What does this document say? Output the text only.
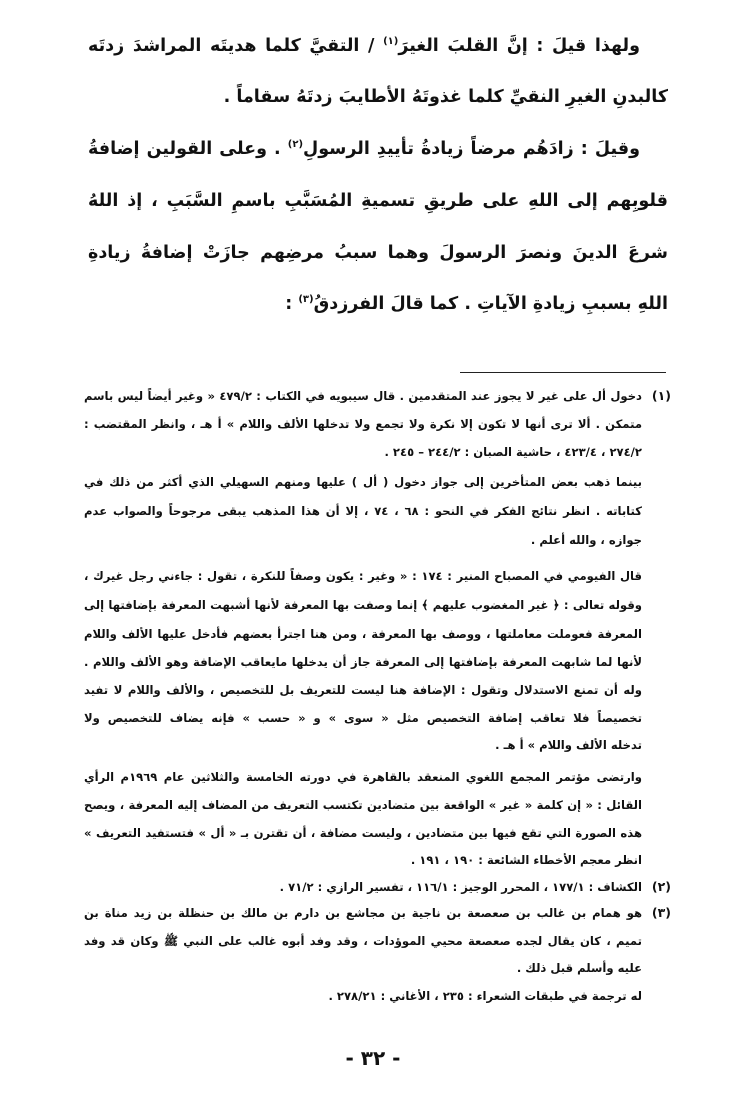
ولهذا قيلَ : إنَّ القلبَ الغيرَ$^{(١)}$ / التقيَّ كلما هديتَه المراشدَ زدتَه
كالبدنِ الغيرِ النقيِّ كلما غذوتَهُ الأطايبَ زدتَهُ سقاماً .
وقيلَ : زادَهُم مرضاً زيادةُ تأييدِ الرسولِ$^{(٢)}$ . وعلى القولين إضافةُ
قلوبِهم إلى اللهِ على طريقِ تسميةِ المُسَبَّبِ باسمِ السَّبَبِ ، إذ اللهُ
شرعَ الدينَ ونصرَ الرسولَ وهما سببُ مرضِهم جازَتْ إضافةُ زيادةِ
اللهِ بسببِ زيادةِ الآياتِ . كما قالَ الفرزدقُ$^{(٣)}$ :
(١)
دخول أل على غير لا يجوز عند المتقدمين . قال سيبويه في الكتاب : ٤٧٩/٢ « وغير أيضاً ليس باسم
متمكن . ألا ترى أنها لا تكون إلا نكرة ولا تجمع ولا تدخلها الألف واللام » أ هـ ، وانظر المقتضب :
٢٧٤/٢ ، ٤٢٣/٤ ، حاشية الصبان : ٢٤٤/٢ – ٢٤٥ .
بينما ذهب بعض المتأخرين إلى جواز دخول ( أل ) عليها ومنهم السهيلي الذي أكثر من ذلك في
كتاباته . انظر نتائج الفكر في النحو : ٦٨ ، ٧٤ ، إلا أن هذا المذهب يبقى مرجوحاً والصواب عدم
جوازه ، والله أعلم .
قال الفيومي في المصباح المنير : ١٧٤ : « وغير : يكون وصفاً للنكرة ، تقول : جاءني رجل غيرك ،
وقوله تعالى : ﴿ غير المغضوب عليهم ﴾ إنما وصفت بها المعرفة لأنها أشبهت المعرفة بإضافتها إلى
المعرفة فعوملت معاملتها ، ووصف بها المعرفة ، ومن هنا اجترأ بعضهم فأدخل عليها الألف واللام
لأنها لما شابهت المعرفة بإضافتها إلى المعرفة جاز أن يدخلها مايعاقب الإضافة وهو الألف واللام .
وله أن تمنع الاستدلال وتقول : الإضافة هنا ليست للتعريف بل للتخصيص ، والألف واللام لا تفيد
تخصيصاً فلا تعاقب إضافة التخصيص مثل « سوى » و « حسب » فإنه يضاف للتخصيص ولا
تدخله الألف واللام » أ هـ .
وارتضى مؤتمر المجمع اللغوي المنعقد بالقاهرة في دورته الخامسة والثلاثين عام ١٩٦٩م الرأي
القائل : « إن كلمة « غير » الواقعة بين متضادين تكتسب التعريف من المضاف إليه المعرفة ، ويصح
هذه الصورة التي تقع فيها بين متضادين ، وليست مضافة ، أن تقترن بـ « أل » فتستفيد التعريف »
انظر معجم الأخطاء الشائعة : ١٩٠ ، ١٩١ .
(٢)
الكشاف : ١٧٧/١ ، المحرر الوجيز : ١١٦/١ ، تفسير الرازي : ٧١/٢ .
(٣)
هو همام بن غالب بن صعصعة بن ناجية بن مجاشع بن دارم بن مالك بن حنظلة بن زيد مناة بن
تميم ، كان يقال لجده صعصعة محيي الموؤدات ، وقد وفد أبوه غالب على النبي ﷺ وكان قد وفد
عليه وأسلم قبل ذلك .
له ترجمة في طبقات الشعراء : ٢٣٥ ، الأغاني : ٢٧٨/٢١ .
- ٣٢ -
